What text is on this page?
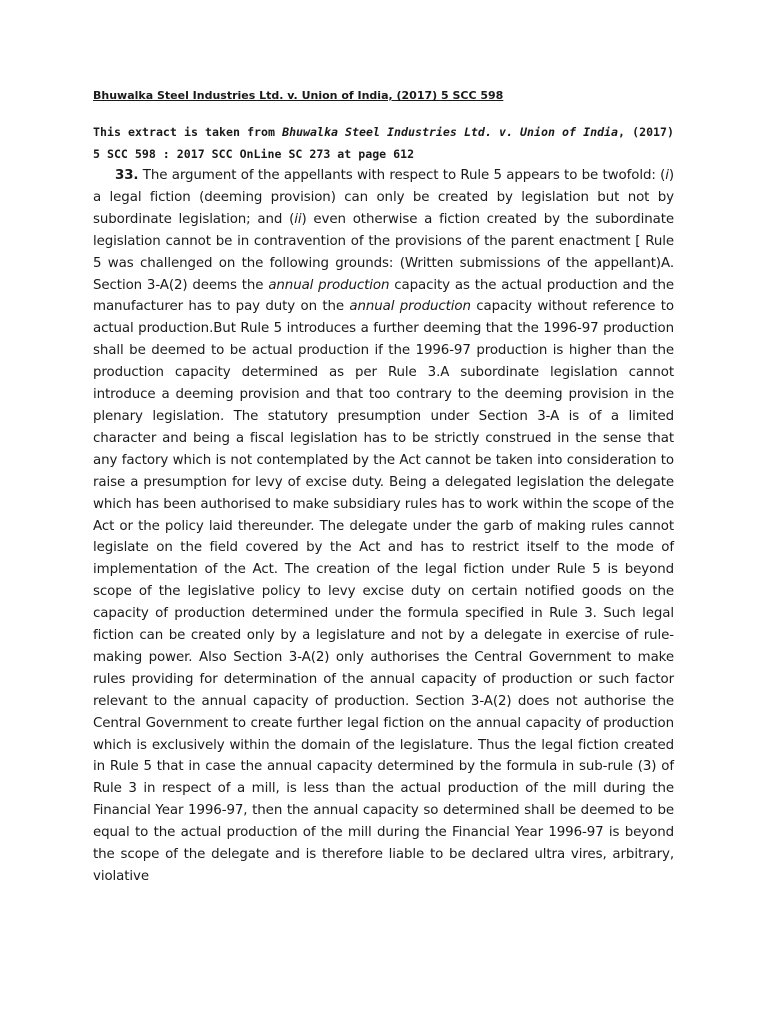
Bhuwalka Steel Industries Ltd. v. Union of India, (2017) 5 SCC 598

This extract is taken from Bhuwalka Steel Industries Ltd. v. Union of India, (2017) 5 SCC 598 : 2017 SCC OnLine SC 273 at page 612

33. The argument of the appellants with respect to Rule 5 appears to be twofold: (i) a legal fiction (deeming provision) can only be created by legislation but not by subordinate legislation; and (ii) even otherwise a fiction created by the subordinate legislation cannot be in contravention of the provisions of the parent enactment [ Rule 5 was challenged on the following grounds: (Written submissions of the appellant)A. Section 3-A(2) deems the annual production capacity as the actual production and the manufacturer has to pay duty on the annual production capacity without reference to actual production.But Rule 5 introduces a further deeming that the 1996-97 production shall be deemed to be actual production if the 1996-97 production is higher than the production capacity determined as per Rule 3.A subordinate legislation cannot introduce a deeming provision and that too contrary to the deeming provision in the plenary legislation. The statutory presumption under Section 3-A is of a limited character and being a fiscal legislation has to be strictly construed in the sense that any factory which is not contemplated by the Act cannot be taken into consideration to raise a presumption for levy of excise duty. Being a delegated legislation the delegate which has been authorised to make subsidiary rules has to work within the scope of the Act or the policy laid thereunder. The delegate under the garb of making rules cannot legislate on the field covered by the Act and has to restrict itself to the mode of implementation of the Act. The creation of the legal fiction under Rule 5 is beyond scope of the legislative policy to levy excise duty on certain notified goods on the capacity of production determined under the formula specified in Rule 3. Such legal fiction can be created only by a legislature and not by a delegate in exercise of rule-making power. Also Section 3-A(2) only authorises the Central Government to make rules providing for determination of the annual capacity of production or such factor relevant to the annual capacity of production. Section 3-A(2) does not authorise the Central Government to create further legal fiction on the annual capacity of production which is exclusively within the domain of the legislature. Thus the legal fiction created in Rule 5 that in case the annual capacity determined by the formula in sub-rule (3) of Rule 3 in respect of a mill, is less than the actual production of the mill during the Financial Year 1996-97, then the annual capacity so determined shall be deemed to be equal to the actual production of the mill during the Financial Year 1996-97 is beyond the scope of the delegate and is therefore liable to be declared ultra vires, arbitrary, violative
